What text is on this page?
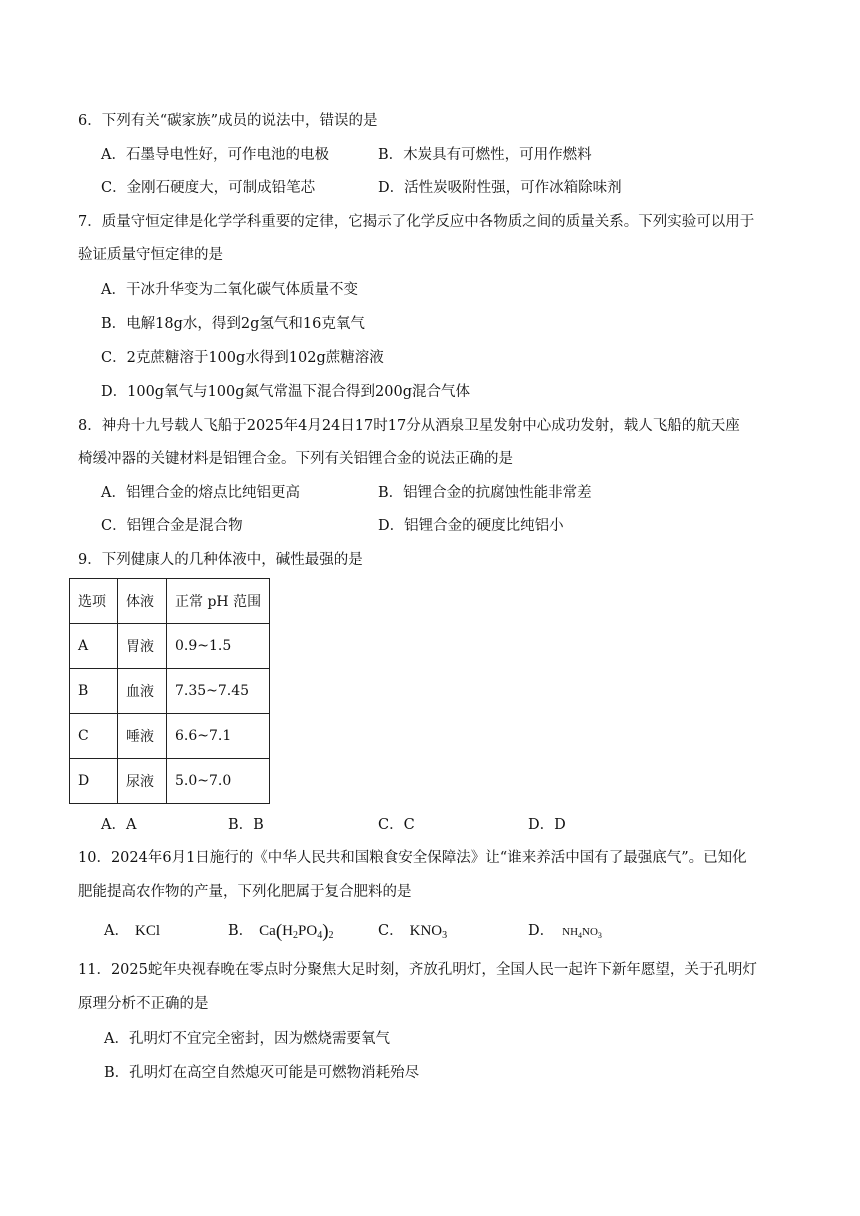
6．下列有关“碳家族”成员的说法中，错误的是
A．石墨导电性好，可作电池的电极	B．木炭具有可燃性，可用作燃料
C．金刚石硬度大，可制成铅笔芯	D．活性炭吸附性强，可作冰箱除味剂
7．质量守恒定律是化学学科重要的定律，它揭示了化学反应中各物质之间的质量关系。下列实验可以用于
验证质量守恒定律的是
A．干冰升华变为二氧化碳气体质量不变
B．电解18g水，得到2g氢气和16克氧气
C．2克蔗糖溶于100g水得到102g蔗糖溶液
D．100g氧气与100g氮气常温下混合得到200g混合气体
8．神舟十九号载人飞船于2025年4月24日17时17分从酒泉卫星发射中心成功发射，载人飞船的航天座
椅缓冲器的关键材料是铝锂合金。下列有关铝锂合金的说法正确的是
A．铝锂合金的熔点比纯铝更高	B．铝锂合金的抗腐蚀性能非常差
C．铝锂合金是混合物	D．铝锂合金的硬度比纯铝小
9．下列健康人的几种体液中，碱性最强的是
选项	体液	正常 pH 范围
A	胃液	0.9~1.5
B	血液	7.35~7.45
C	唾液	6.6~7.1
D	尿液	5.0~7.0
A．A	B．B	C．C	D．D
10．2024年6月1日施行的《中华人民共和国粮食安全保障法》让“谁来养活中国有了最强底气”。已知化
肥能提高农作物的产量，下列化肥属于复合肥料的是
A． KCl	B． $Ca(H_2PO_4)_2$	C． $KNO_3$	D． $NH_4NO_3$
11．2025蛇年央视春晚在零点时分聚焦大足时刻，齐放孔明灯，全国人民一起许下新年愿望，关于孔明灯
原理分析不正确的是
A．孔明灯不宜完全密封，因为燃烧需要氧气
B．孔明灯在高空自然熄灭可能是可燃物消耗殆尽
